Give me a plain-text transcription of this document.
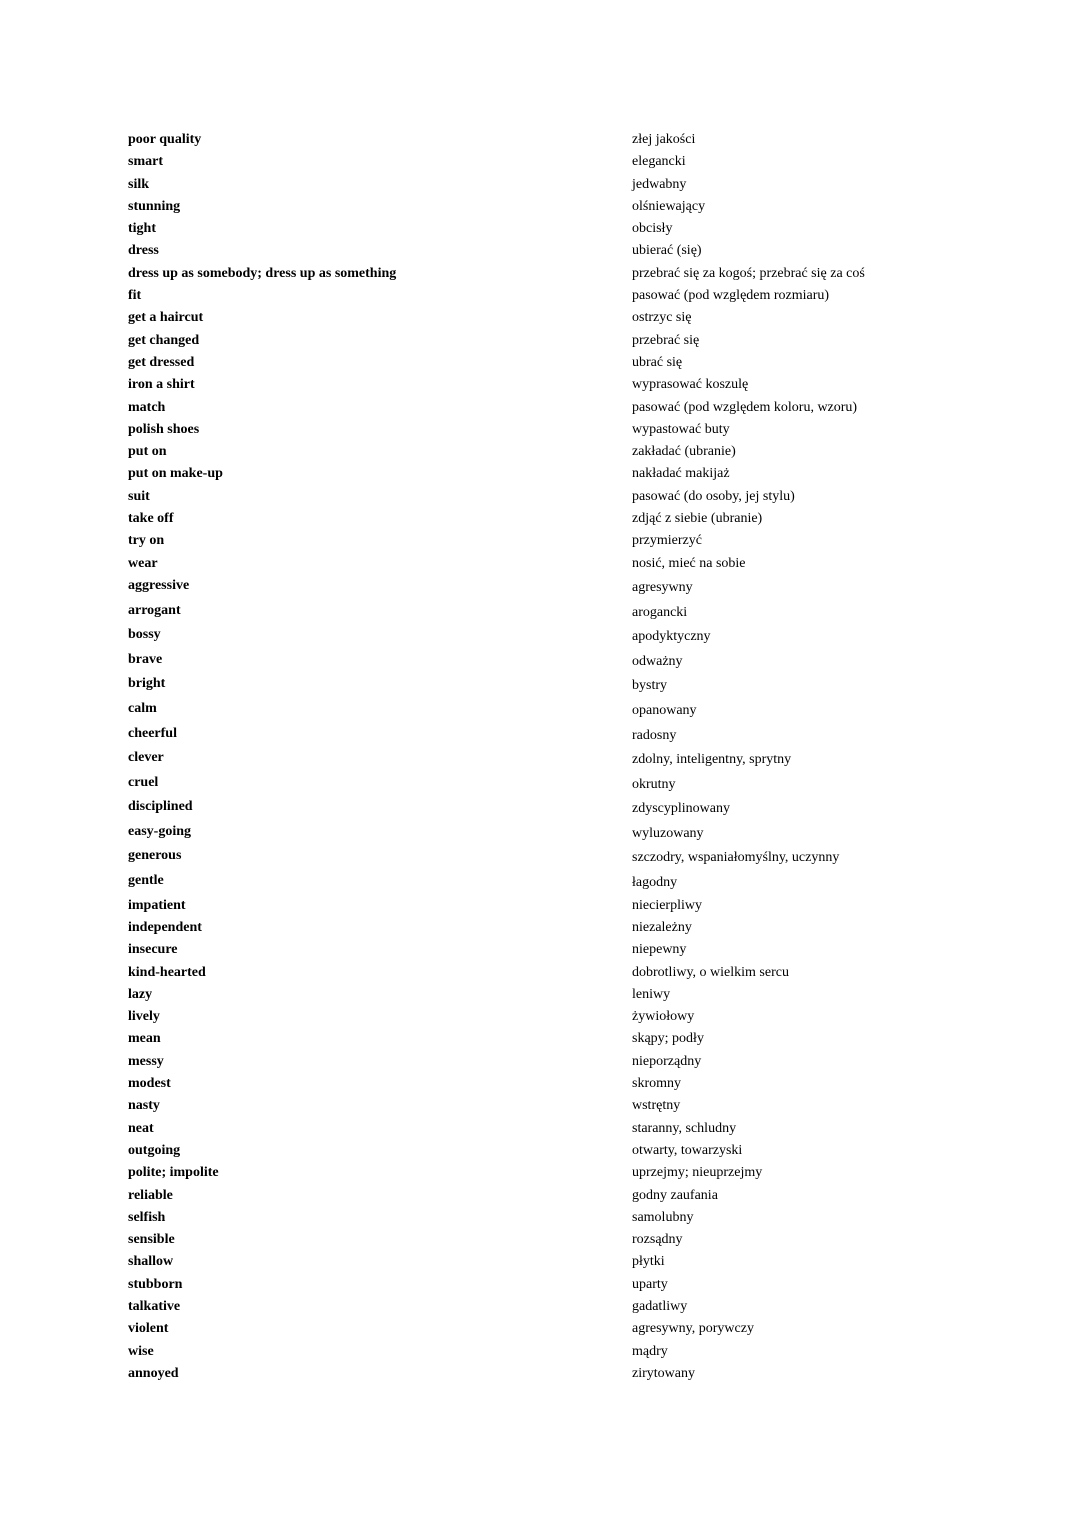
poor quality	złej jakości
smart	elegancki
silk	jedwabny
stunning	olśniewający
tight	obcisły
dress	ubierać (się)
dress up as somebody; dress up as something	przebrać się za kogoś; przebrać się za coś
fit	pasować (pod względem rozmiaru)
get a haircut	ostrzyc się
get changed	przebrać się
get dressed	ubrać się
iron a shirt	wyprasować koszulę
match	pasować (pod względem koloru, wzoru)
polish shoes	wypastować buty
put on	zakładać (ubranie)
put on make-up	nakładać makijaż
suit	pasować (do osoby, jej stylu)
take off	zdjąć z siebie (ubranie)
try on	przymierzyć
wear	nosić, mieć na sobie
aggressive	agresywny
arrogant	arogancki
bossy	apodyktyczny
brave	odważny
bright	bystry
calm	opanowany
cheerful	radosny
clever	zdolny, inteligentny, sprytny
cruel	okrutny
disciplined	zdyscyplinowany
easy-going	wyluzowany
generous	szczodry, wspaniałomyślny, uczynny
gentle	łagodny
impatient	niecierpliwy
independent	niezależny
insecure	niepewny
kind-hearted	dobrotliwy, o wielkim sercu
lazy	leniwy
lively	żywiołowy
mean	skąpy; podły
messy	nieporządny
modest	skromny
nasty	wstrętny
neat	staranny, schludny
outgoing	otwarty, towarzyski
polite; impolite	uprzejmy; nieuprzejmy
reliable	godny zaufania
selfish	samolubny
sensible	rozsądny
shallow	płytki
stubborn	uparty
talkative	gadatliwy
violent	agresywny, porywczy
wise	mądry
annoyed	zirytowany
